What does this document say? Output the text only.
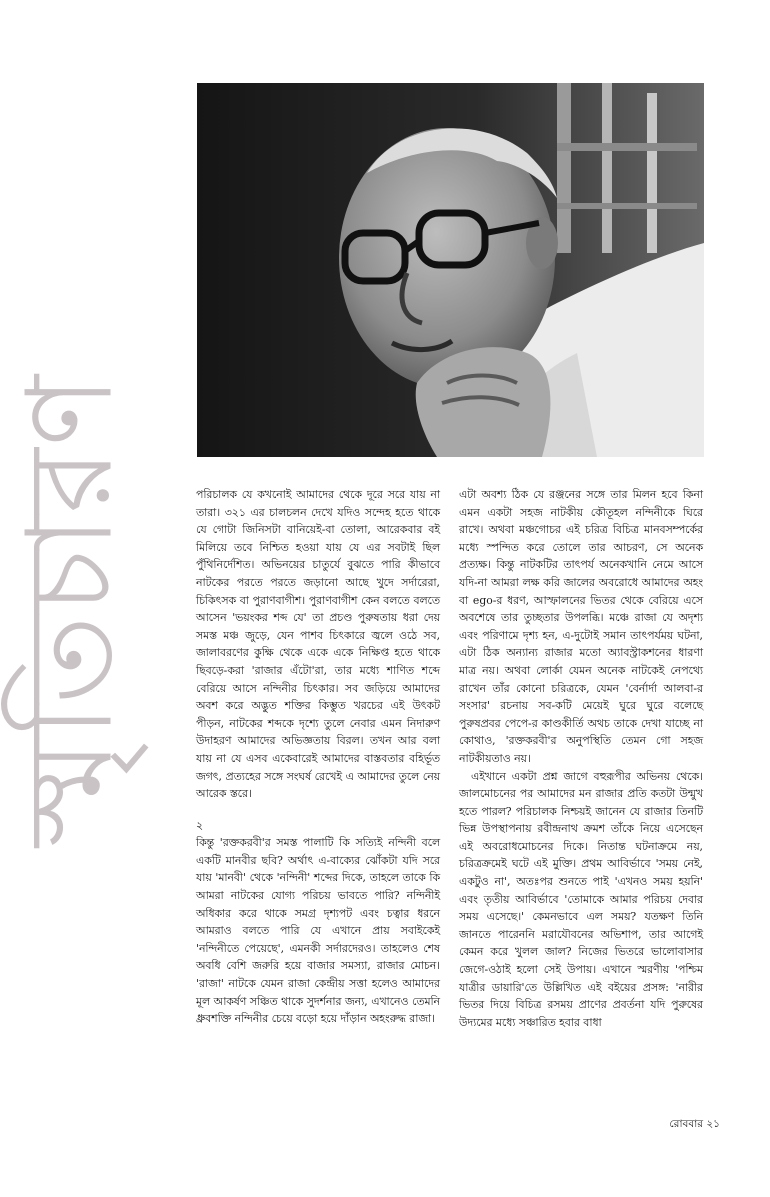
স্মৃতিচারণ	পরিচালক যে কখনোই আমাদের থেকে দূরে সরে যায় না তারা। ৩২১ এর চালচলন দেখে যদিও সন্দেহ হতে থাকে যে গোটা জিনিসটা বানিয়েই-বা তোলা, আরেকবার বই মিলিয়ে তবে নিশ্চিত হওয়া যায় যে এর সবটাই ছিল পুঁথিনির্দেশিত। অভিনয়ের চাতুর্যে বুঝতে পারি কীভাবে নাটকের পরতে পরতে জড়ানো আছে খুদে সর্দারেরা, চিকিৎসক বা পুরাণবাগীশ। পুরাণবাগীশ কেন বলতে বলতে আসেন 'ভয়ংকর শব্দ যে' তা প্রচণ্ড পুরুষতায় ধরা দেয় সমস্ত মঞ্চ জুড়ে, যেন পাশব চিৎকারে জ্বলে ওঠে সব, জালাবরণের কুক্ষি থেকে একে একে নিক্ষিপ্ত হতে থাকে ছিবড়ে-করা 'রাজার এঁটো'রা, তার মধ্যে শাণিত শব্দে বেরিয়ে আসে নন্দিনীর চিৎকার। সব জড়িয়ে আমাদের অবশ করে অদ্ভুত শক্তির কিম্ভুত খরচের এই উৎকট পীড়ন, নাটকের শব্দকে দৃশ্যে তুলে নেবার এমন নিদারুণ উদাহরণ আমাদের অভিজ্ঞতায় বিরল। তখন আর বলা যায় না যে এসব একেবারেই আমাদের বাস্তবতার বহির্ভূত জগৎ, প্রত্যহের সঙ্গে সংঘর্ষ রেখেই এ আমাদের তুলে নেয় আরেক স্তরে।

২

কিন্তু 'রক্তকরবী'র সমস্ত পালাটি কি সত্যিই নন্দিনী বলে একটি মানবীর ছবি? অর্থাৎ এ-বাক্যের ঝোঁকটা যদি সরে যায় 'মানবী' থেকে 'নন্দিনী' শব্দের দিকে, তাহলে তাকে কি আমরা নাটকের যোগ্য পরিচয় ভাবতে পারি? নন্দিনীই অধিকার করে থাকে সমগ্র দৃশ্যপট এবং চত্বার ধরনে আমরাও বলতে পারি যে এখানে প্রায় সবাইকেই 'নন্দিনীতে পেয়েছে', এমনকী সর্দারদেরও। তাহলেও শেষ অবধি বেশি জরুরি হয়ে বাজার সমস্যা, রাজার মোচন। 'রাজা' নাটকে যেমন রাজা কেন্দ্রীয় সত্তা হলেও আমাদের মূল আকর্ষণ সঞ্চিত থাকে সুদর্শনার জন্য, এখানেও তেমনি ধ্রুবশক্তি নন্দিনীর চেয়ে বড়ো হয়ে দাঁড়ান অহংরুদ্ধ রাজা।

এটা অবশ্য ঠিক যে রঞ্জনের সঙ্গে তার মিলন হবে কিনা এমন একটা সহজ নাটকীয় কৌতূহল নন্দিনীকে ঘিরে রাখে। অথবা মঞ্চগোচর এই চরিত্র বিচিত্র মানবসম্পর্কের মধ্যে স্পন্দিত করে তোলে তার আচরণ, সে অনেক প্রত্যক্ষ। কিন্তু নাটকটির তাৎপর্য অনেকখানি নেমে আসে যদি-না আমরা লক্ষ করি জালের অবরোধে আমাদের অহং বা ego-র ধরণ, আস্ফালনের ভিতর থেকে বেরিয়ে এসে অবশেষে তার তুচ্ছতার উপলব্ধি। মঞ্চে রাজা যে অদৃশ্য এবং পরিণামে দৃশ্য হন, এ-দুটোই সমান তাৎপর্যময় ঘটনা, এটা ঠিক অন্যান্য রাজার মতো অ্যাবস্ট্রাকশনের ধারণা মাত্র নয়। অথবা লোর্কা যেমন অনেক নাটকেই নেপথ্যে রাখেন তাঁর কোনো চরিত্রকে, যেমন 'বের্নার্দা আলবা-র সংসার' রচনায় সব-কটি মেয়েই ঘুরে ঘুরে বলেছে পুরুষপ্রবর পেপে-র কাণ্ডকীর্তি অথচ তাকে দেখা যাচ্ছে না কোথাও, 'রক্তকরবী'র অনুপস্থিতি তেমন গো সহজ নাটকীয়তাও নয়।

এইখানে একটা প্রশ্ন জাগে বহুরূপীর অভিনয় থেকে। জালমোচনের পর আমাদের মন রাজার প্রতি কতটা উন্মুখ হতে পারল? পরিচালক নিশ্চয়ই জানেন যে রাজার তিনটি ভিন্ন উপস্থাপনায় রবীন্দ্রনাথ ক্রমশ তাঁকে নিয়ে এসেছেন এই অবরোধমোচনের দিকে। নিতান্ত ঘটনাক্রমে নয়, চরিত্রক্রমেই ঘটে এই মুক্তি। প্রথম আবির্ভাবে 'সময় নেই, একটুও না', অতঃপর শুনতে পাই 'এখনও সময় হয়নি' এবং তৃতীয় আবির্ভাবে 'তোমাকে আমার পরিচয় দেবার সময় এসেছে।' কেমনভাবে এল সময়? যতক্ষণ তিনি জানতে পারেননি মরাযৌবনের অভিশাপ, তার আগেই কেমন করে খুলল জাল? নিজের ভিতরে ভালোবাসার জেগে-ওঠাই হলো সেই উপায়। এখানে স্মরণীয় 'পশ্চিম যাত্রীর ডায়ারি'তে উল্লিখিত এই বইয়ের প্রসঙ্গ: 'নারীর ভিতর দিয়ে বিচিত্র রসময় প্রাণের প্রবর্তনা যদি পুরুষের উদ্যমের মধ্যে সঞ্চারিত হবার বাধা

রোববার ২১
